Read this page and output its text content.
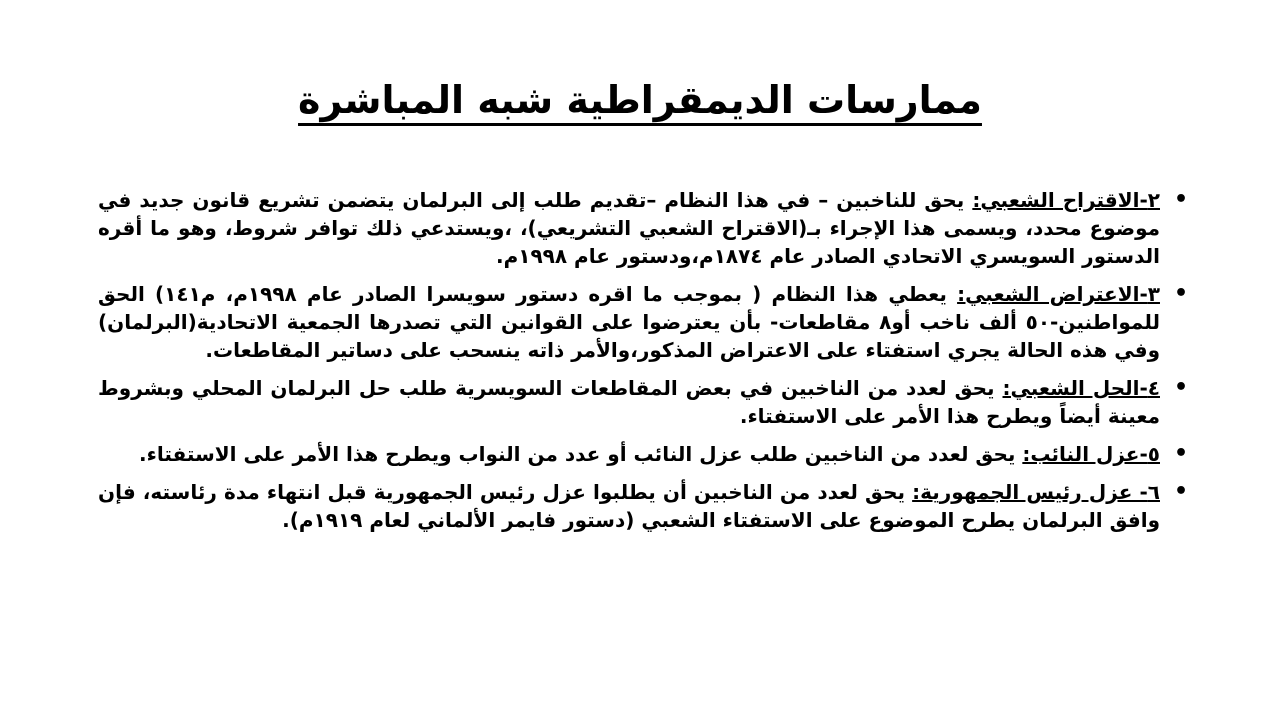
ممارسات الديمقراطية شبه المباشرة
• ٢-الاقتراح الشعبي: يحق للناخبين – في هذا النظام –تقديم طلب إلى البرلمان يتضمن تشريع قانون جديد في موضوع محدد، ويسمى هذا الإجراء بـ(الاقتراح الشعبي التشريعي)، ،ويستدعي ذلك توافر شروط، وهو ما أقره الدستور السويسري الاتحادي الصادر عام ١٨٧٤م،ودستور عام ١٩٩٨م.
• ٣-الاعتراض الشعبي: يعطي هذا النظام ( بموجب ما اقره دستور سويسرا الصادر عام ١٩٩٨م، م١٤١) الحق للمواطنين-٥٠ ألف ناخب أو٨ مقاطعات- بأن يعترضوا على القوانين التي تصدرها الجمعية الاتحادية(البرلمان) وفي هذه الحالة يجري استفتاء على الاعتراض المذكور،والأمر ذاته ينسحب على دساتير المقاطعات.
• ٤-الحل الشعبي: يحق لعدد من الناخبين في بعض المقاطعات السويسرية طلب حل البرلمان المحلي وبشروط معينة أيضاً ويطرح هذا الأمر على الاستفتاء.
• ٥-عزل النائب: يحق لعدد من الناخبين طلب عزل النائب أو عدد من النواب ويطرح هذا الأمر على الاستفتاء.
• ٦- عزل رئيس الجمهورية: يحق لعدد من الناخبين أن يطلبوا عزل رئيس الجمهورية قبل انتهاء مدة رئاسته، فإن وافق البرلمان يطرح الموضوع على الاستفتاء الشعبي (دستور فايمر الألماني لعام ١٩١٩م).
